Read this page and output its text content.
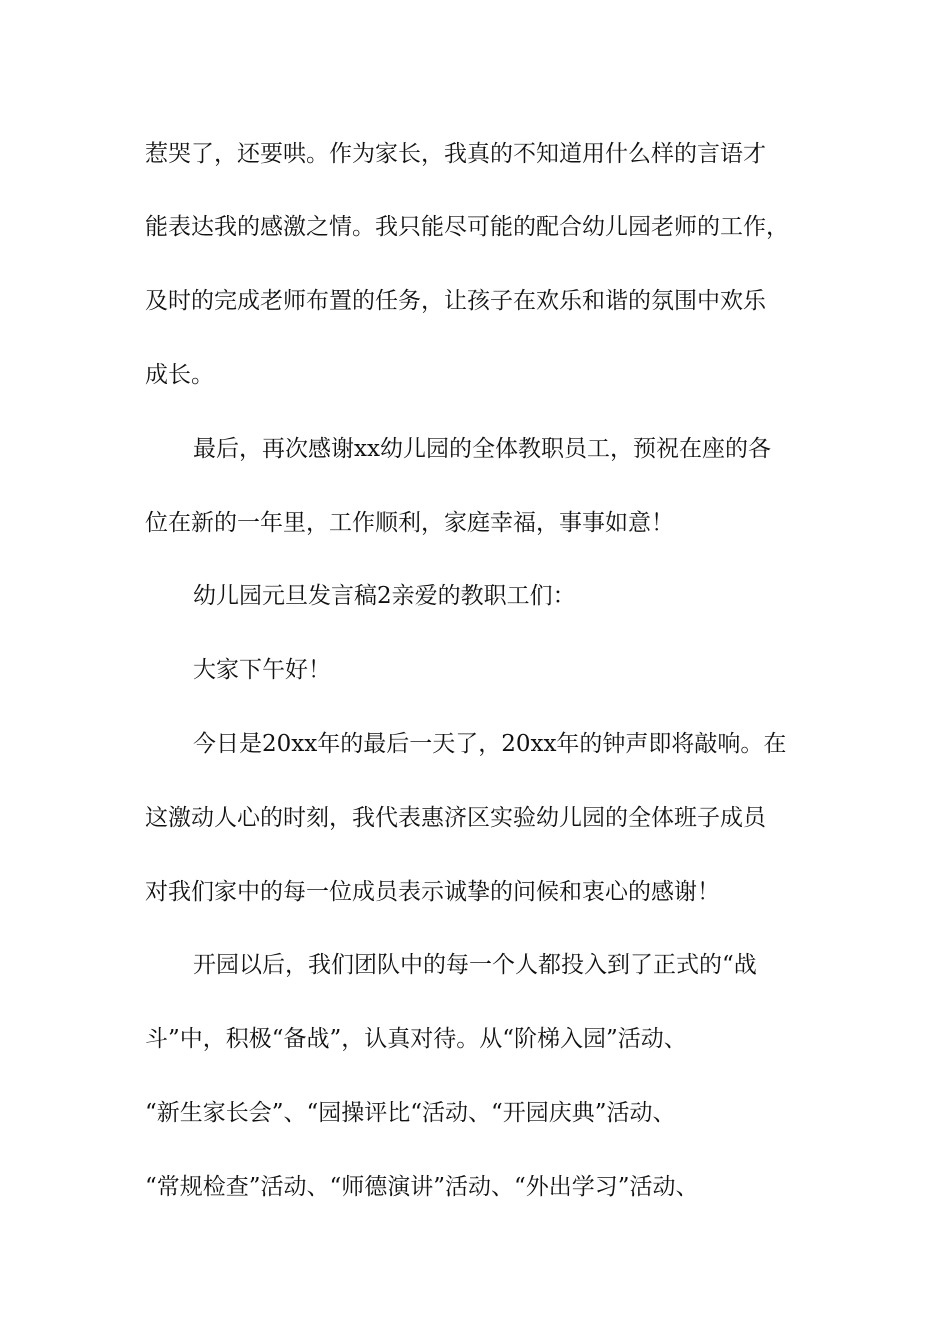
惹哭了，还要哄。作为家长，我真的不知道用什么样的言语才
能表达我的感激之情。我只能尽可能的配合幼儿园老师的工作，
及时的完成老师布置的任务，让孩子在欢乐和谐的氛围中欢乐
成长。
最后，再次感谢xx幼儿园的全体教职员工，预祝在座的各
位在新的一年里，工作顺利，家庭幸福，事事如意！
幼儿园元旦发言稿2亲爱的教职工们：
大家下午好！
今日是20xx年的最后一天了，20xx年的钟声即将敲响。在
这激动人心的时刻，我代表惠济区实验幼儿园的全体班子成员
对我们家中的每一位成员表示诚挚的问候和衷心的感谢！
开园以后，我们团队中的每一个人都投入到了正式的“战
斗”中，积极“备战”，认真对待。从“阶梯入园”活动、
“新生家长会”、“园操评比“活动、“开园庆典”活动、
“常规检查”活动、“师德演讲”活动、“外出学习”活动、
